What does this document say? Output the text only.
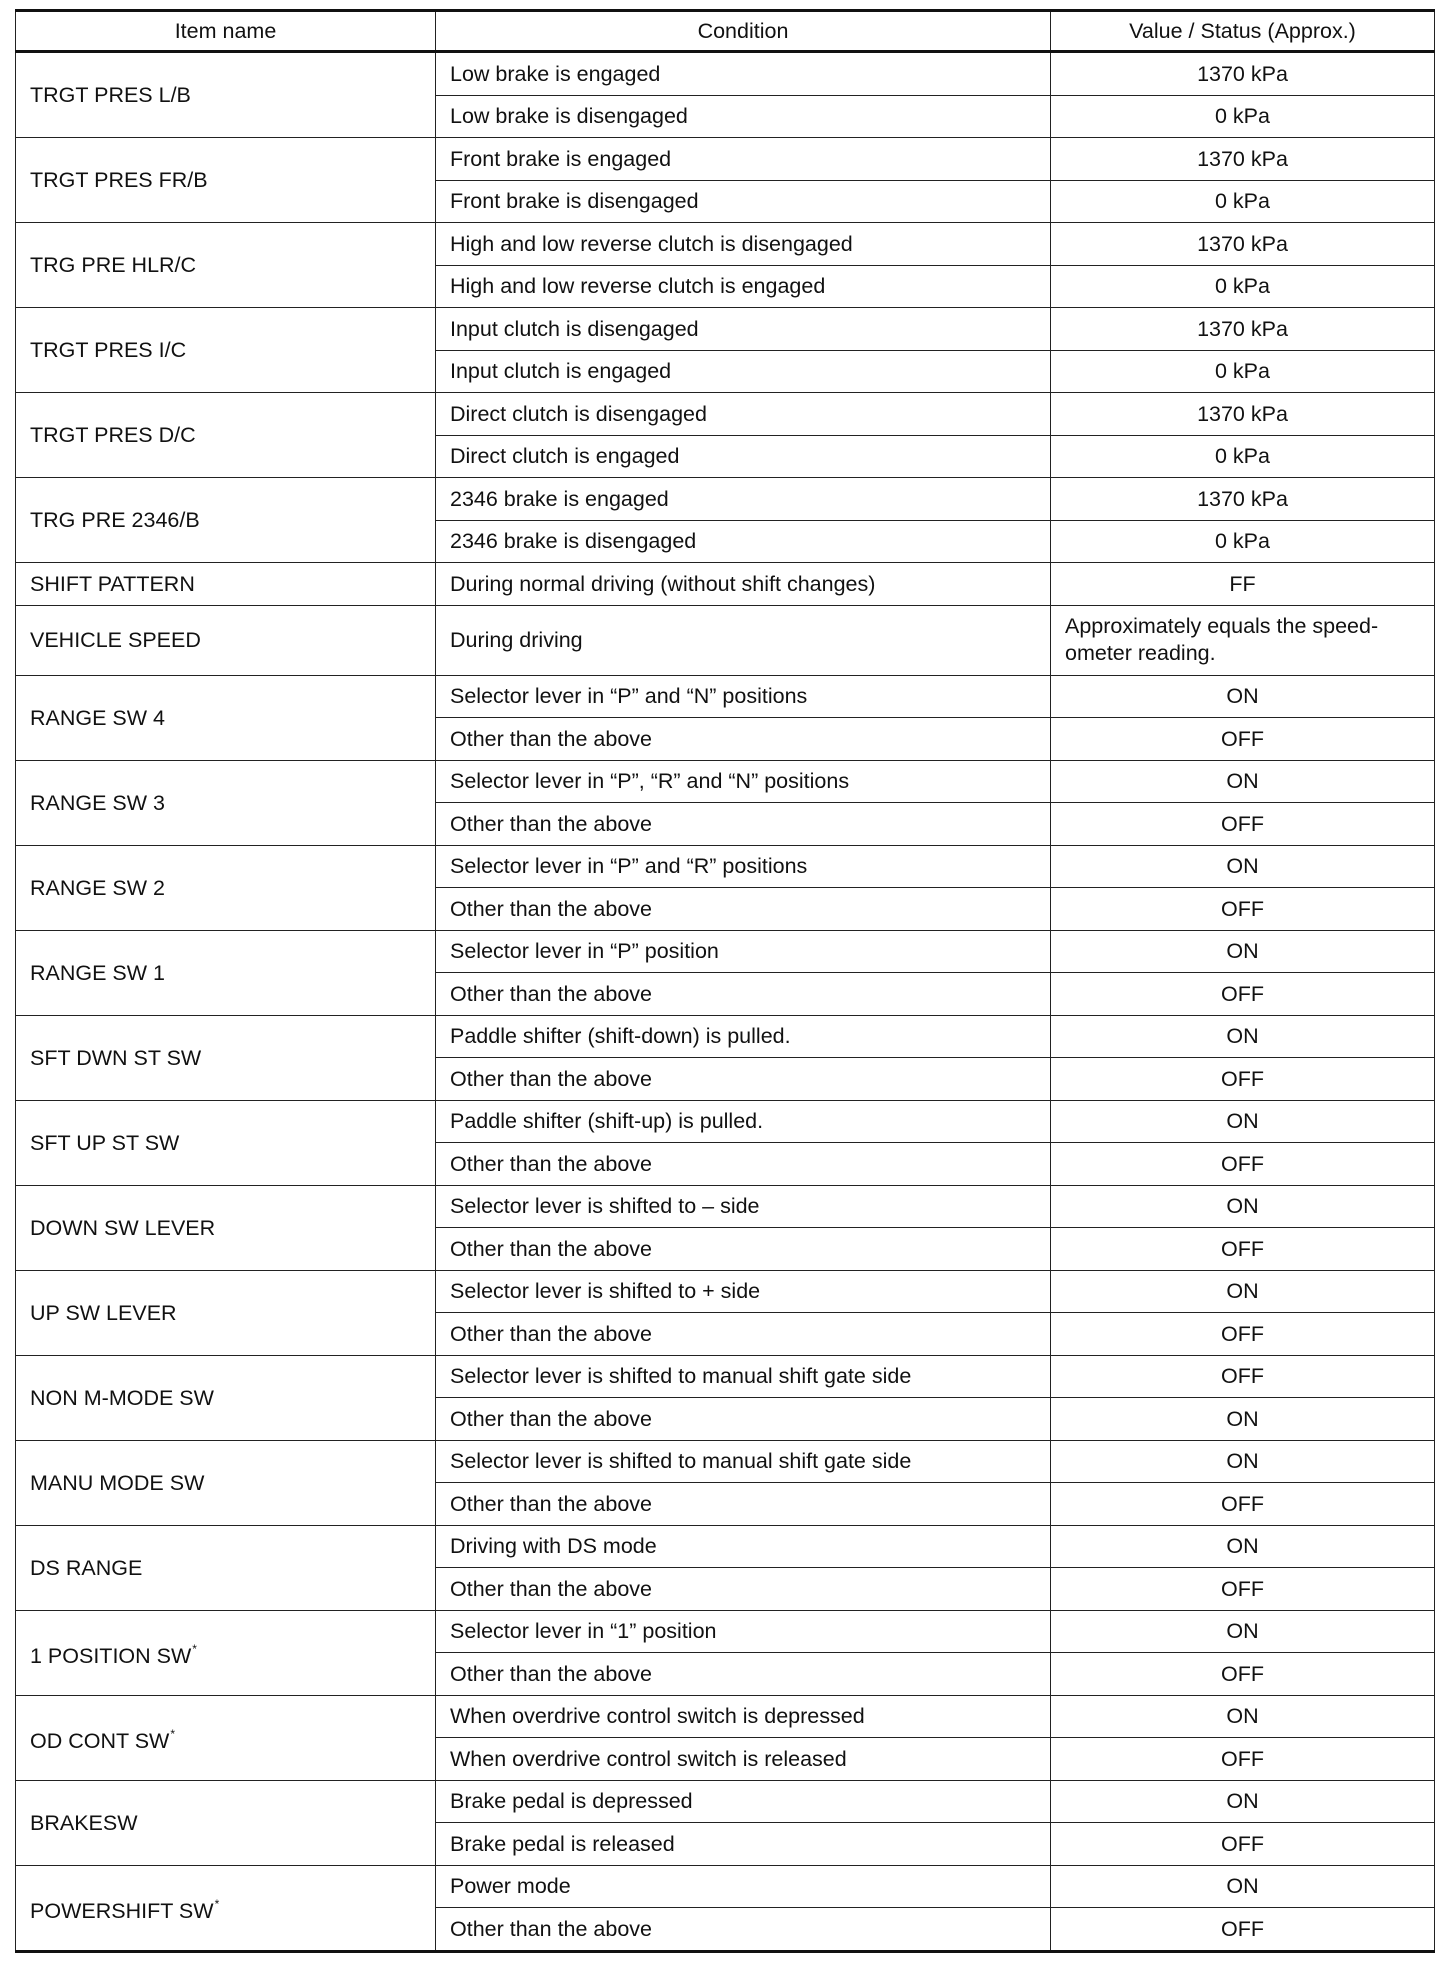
Item name	Condition	Value / Status (Approx.)
TRGT PRES L/B	Low brake is engaged	1370 kPa
	Low brake is disengaged	0 kPa
TRGT PRES FR/B	Front brake is engaged	1370 kPa
	Front brake is disengaged	0 kPa
TRG PRE HLR/C	High and low reverse clutch is disengaged	1370 kPa
	High and low reverse clutch is engaged	0 kPa
TRGT PRES I/C	Input clutch is disengaged	1370 kPa
	Input clutch is engaged	0 kPa
TRGT PRES D/C	Direct clutch is disengaged	1370 kPa
	Direct clutch is engaged	0 kPa
TRG PRE 2346/B	2346 brake is engaged	1370 kPa
	2346 brake is disengaged	0 kPa
SHIFT PATTERN	During normal driving (without shift changes)	FF
VEHICLE SPEED	During driving	Approximately equals the speed-
ometer reading.

RANGE SW 4	Selector lever in “P” and “N” positions	ON
	Other than the above	OFF
RANGE SW 3	Selector lever in “P”, “R” and “N” positions	ON
	Other than the above	OFF
RANGE SW 2	Selector lever in “P” and “R” positions	ON
	Other than the above	OFF
RANGE SW 1	Selector lever in “P” position	ON
	Other than the above	OFF
SFT DWN ST SW	Paddle shifter (shift-down) is pulled.	ON
	Other than the above	OFF
SFT UP ST SW	Paddle shifter (shift-up) is pulled.	ON
	Other than the above	OFF
DOWN SW LEVER	Selector lever is shifted to – side	ON
	Other than the above	OFF
UP SW LEVER	Selector lever is shifted to + side	ON
	Other than the above	OFF
NON M-MODE SW	Selector lever is shifted to manual shift gate side	OFF
	Other than the above	ON
MANU MODE SW	Selector lever is shifted to manual shift gate side	ON
	Other than the above	OFF
DS RANGE	Driving with DS mode	ON
	Other than the above	OFF
1 POSITION SW*	Selector lever in “1” position	ON
	Other than the above	OFF
OD CONT SW*	When overdrive control switch is depressed	ON
	When overdrive control switch is released	OFF
BRAKESW	Brake pedal is depressed	ON
	Brake pedal is released	OFF
POWERSHIFT SW*	Power mode	ON
	Other than the above	OFF
